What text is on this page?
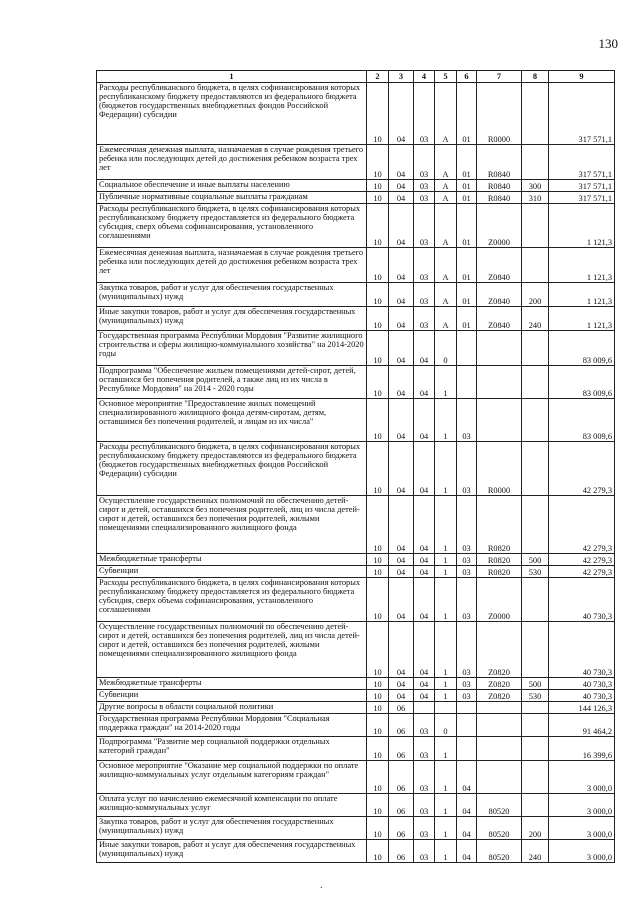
130
1	2	3	4	5	6	7	8	9
Расходы республиканского бюджета, в целях софинансирования которых республиканскому бюджету предоставляются из федерального бюджета (бюджетов государственных внебюджетных фондов Российской Федерации) субсидии	10	04	03	А	01	R0000		317 571,1
Ежемесячная денежная выплата, назначаемая в случае рождения третьего ребенка или последующих детей до достижения ребенком возраста трех лет	10	04	03	А	01	R0840		317 571,1
Социальное обеспечение и иные выплаты населению	10	04	03	А	01	R0840	300	317 571,1
Публичные нормативные социальные выплаты гражданам	10	04	03	А	01	R0840	310	317 571,1
Расходы республиканского бюджета, в целях софинансирования которых республиканскому бюджету предоставляется из федерального бюджета субсидия, сверх объема софинансирования, установленного соглашениями	10	04	03	А	01	Z0000		1 121,3
Ежемесячная денежная выплата, назначаемая в случае рождения третьего ребенка или последующих детей до достижения ребенком возраста трех лет	10	04	03	А	01	Z0840		1 121,3
Закупка товаров, работ и услуг для обеспечения государственных (муниципальных) нужд	10	04	03	А	01	Z0840	200	1 121,3
Иные закупки товаров, работ и услуг для обеспечения государственных (муниципальных) нужд	10	04	03	А	01	Z0840	240	1 121,3
Государственная программа Республики Мордовия "Развитие жилищного строительства и сферы жилищно-коммунального хозяйства" на 2014-2020 годы	10	04	04	0				83 009,6
Подпрограмма "Обеспечение жильем помещениями детей-сирот, детей, оставшихся без попечения родителей, а также лиц из их числа в Республике Мордовия" на 2014 - 2020 годы	10	04	04	1				83 009,6
Основное мероприятие "Предоставление жилых помещений специализированного жилищного фонда детям-сиротам, детям, оставшимся без попечения родителей, и лицам из их числа"	10	04	04	1	03			83 009,6
Расходы республиканского бюджета, в целях софинансирования которых республиканскому бюджету предоставляются из федерального бюджета (бюджетов государственных внебюджетных фондов Российской Федерации) субсидии	10	04	04	1	03	R0000		42 279,3
Осуществление государственных полномочий по обеспечению детей-сирот и детей, оставшихся без попечения родителей, лиц из числа детей-сирот и детей, оставшихся без попечения родителей, жилыми помещениями специализированного жилищного фонда	10	04	04	1	03	R0820		42 279,3
Межбюджетные трансферты	10	04	04	1	03	R0820	500	42 279,3
Субвенции	10	04	04	1	03	R0820	530	42 279,3
Расходы республиканского бюджета, в целях софинансирования которых республиканскому бюджету предоставляется из федерального бюджета субсидия, сверх объема софинансирования, установленного соглашениями	10	04	04	1	03	Z0000		40 730,3
Осуществление государственных полномочий по обеспечению детей-сирот и детей, оставшихся без попечения родителей, лиц из числа детей-сирот и детей, оставшихся без попечения родителей, жилыми помещениями специализированного жилищного фонда	10	04	04	1	03	Z0820		40 730,3
Межбюджетные трансферты	10	04	04	1	03	Z0820	500	40 730,3
Субвенции	10	04	04	1	03	Z0820	530	40 730,3
Другие вопросы в области социальной политики	10	06						144 126,3
Государственная программа Республики Мордовия "Социальная поддержка граждан" на 2014-2020 годы	10	06	03	0				91 464,2
Подпрограмма "Развитие мер социальной поддержки отдельных категорий граждан"	10	06	03	1				16 399,6
Основное мероприятие "Оказание мер социальной поддержки по оплате жилищно-коммунальных услуг отдельным категориям граждан"	10	06	03	1	04			3 000,0
Оплата услуг по начислению ежемесячной компенсации по оплате жилищно-коммунальных услуг	10	06	03	1	04	80520		3 000,0
Закупка товаров, работ и услуг для обеспечения государственных (муниципальных) нужд	10	06	03	1	04	80520	200	3 000,0
Иные закупки товаров, работ и услуг для обеспечения государственных (муниципальных) нужд	10	06	03	1	04	80520	240	3 000,0
.
